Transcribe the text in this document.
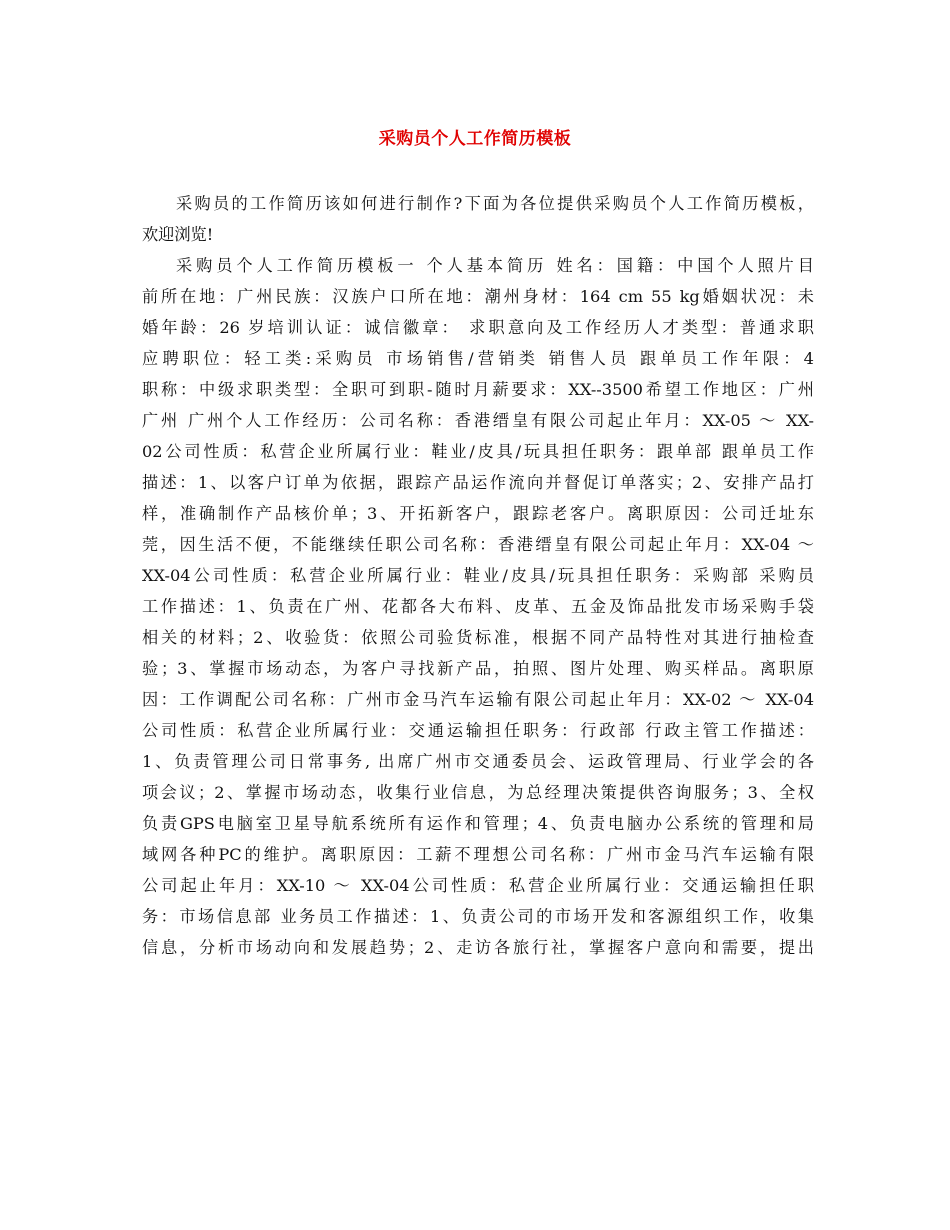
采购员个人工作简历模板
采购员的工作简历该如何进行制作?下面为各位提供采购员个人工作简历模板，
欢迎浏览!
采购员个人工作简历模板一 个人基本简历 姓名：国籍：中国个人照片目
前所在地：广州民族：汉族户口所在地：潮州身材：164 cm 55 kg婚姻状况：未
婚年龄：26 岁培训认证：诚信徽章： 求职意向及工作经历人才类型：普通求职
应聘职位：轻工类:采购员 市场销售/营销类 销售人员 跟单员工作年限：4
职称：中级求职类型：全职可到职-随时月薪要求：XX--3500希望工作地区：广州
广州 广州个人工作经历：公司名称：香港缙皇有限公司起止年月：XX-05 ～ XX-
02公司性质：私营企业所属行业：鞋业/皮具/玩具担任职务：跟单部 跟单员工作
描述：1、以客户订单为依据，跟踪产品运作流向并督促订单落实；2、安排产品打
样，准确制作产品核价单；3、开拓新客户，跟踪老客户。离职原因：公司迁址东
莞，因生活不便，不能继续任职公司名称：香港缙皇有限公司起止年月：XX-04 ～
XX-04公司性质：私营企业所属行业：鞋业/皮具/玩具担任职务：采购部 采购员
工作描述：1、负责在广州、花都各大布料、皮革、五金及饰品批发市场采购手袋
相关的材料；2、收验货：依照公司验货标准，根据不同产品特性对其进行抽检查
验；3、掌握市场动态，为客户寻找新产品，拍照、图片处理、购买样品。离职原
因：工作调配公司名称：广州市金马汽车运输有限公司起止年月：XX-02 ～ XX-04
公司性质：私营企业所属行业：交通运输担任职务：行政部 行政主管工作描述：
1、负责管理公司日常事务, 出席广州市交通委员会、运政管理局、行业学会的各
项会议；2、掌握市场动态，收集行业信息，为总经理决策提供咨询服务；3、全权
负责GPS电脑室卫星导航系统所有运作和管理；4、负责电脑办公系统的管理和局
域网各种PC的维护。离职原因：工薪不理想公司名称：广州市金马汽车运输有限
公司起止年月：XX-10 ～ XX-04公司性质：私营企业所属行业：交通运输担任职
务：市场信息部 业务员工作描述：1、负责公司的市场开发和客源组织工作，收集
信息，分析市场动向和发展趋势；2、走访各旅行社，掌握客户意向和需要，提出
